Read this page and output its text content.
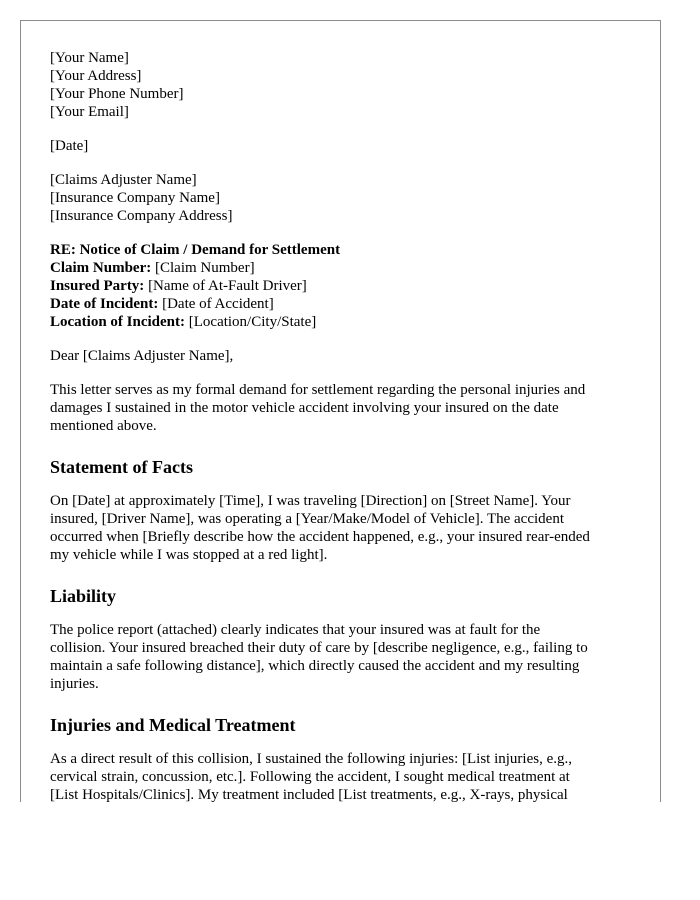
[Your Name]
[Your Address]
[Your Phone Number]
[Your Email]
[Date]
[Claims Adjuster Name]
[Insurance Company Name]
[Insurance Company Address]
RE: Notice of Claim / Demand for Settlement
Claim Number: [Claim Number]
Insured Party: [Name of At-Fault Driver]
Date of Incident: [Date of Accident]
Location of Incident: [Location/City/State]
Dear [Claims Adjuster Name],

This letter serves as my formal demand for settlement regarding the personal injuries and
damages I sustained in the motor vehicle accident involving your insured on the date
mentioned above.

Statement of Facts

On [Date] at approximately [Time], I was traveling [Direction] on [Street Name]. Your
insured, [Driver Name], was operating a [Year/Make/Model of Vehicle]. The accident
occurred when [Briefly describe how the accident happened, e.g., your insured rear-ended
my vehicle while I was stopped at a red light].

Liability

The police report (attached) clearly indicates that your insured was at fault for the
collision. Your insured breached their duty of care by [describe negligence, e.g., failing to
maintain a safe following distance], which directly caused the accident and my resulting
injuries.

Injuries and Medical Treatment

As a direct result of this collision, I sustained the following injuries: [List injuries, e.g.,
cervical strain, concussion, etc.]. Following the accident, I sought medical treatment at
[List Hospitals/Clinics]. My treatment included [List treatments, e.g., X-rays, physical
